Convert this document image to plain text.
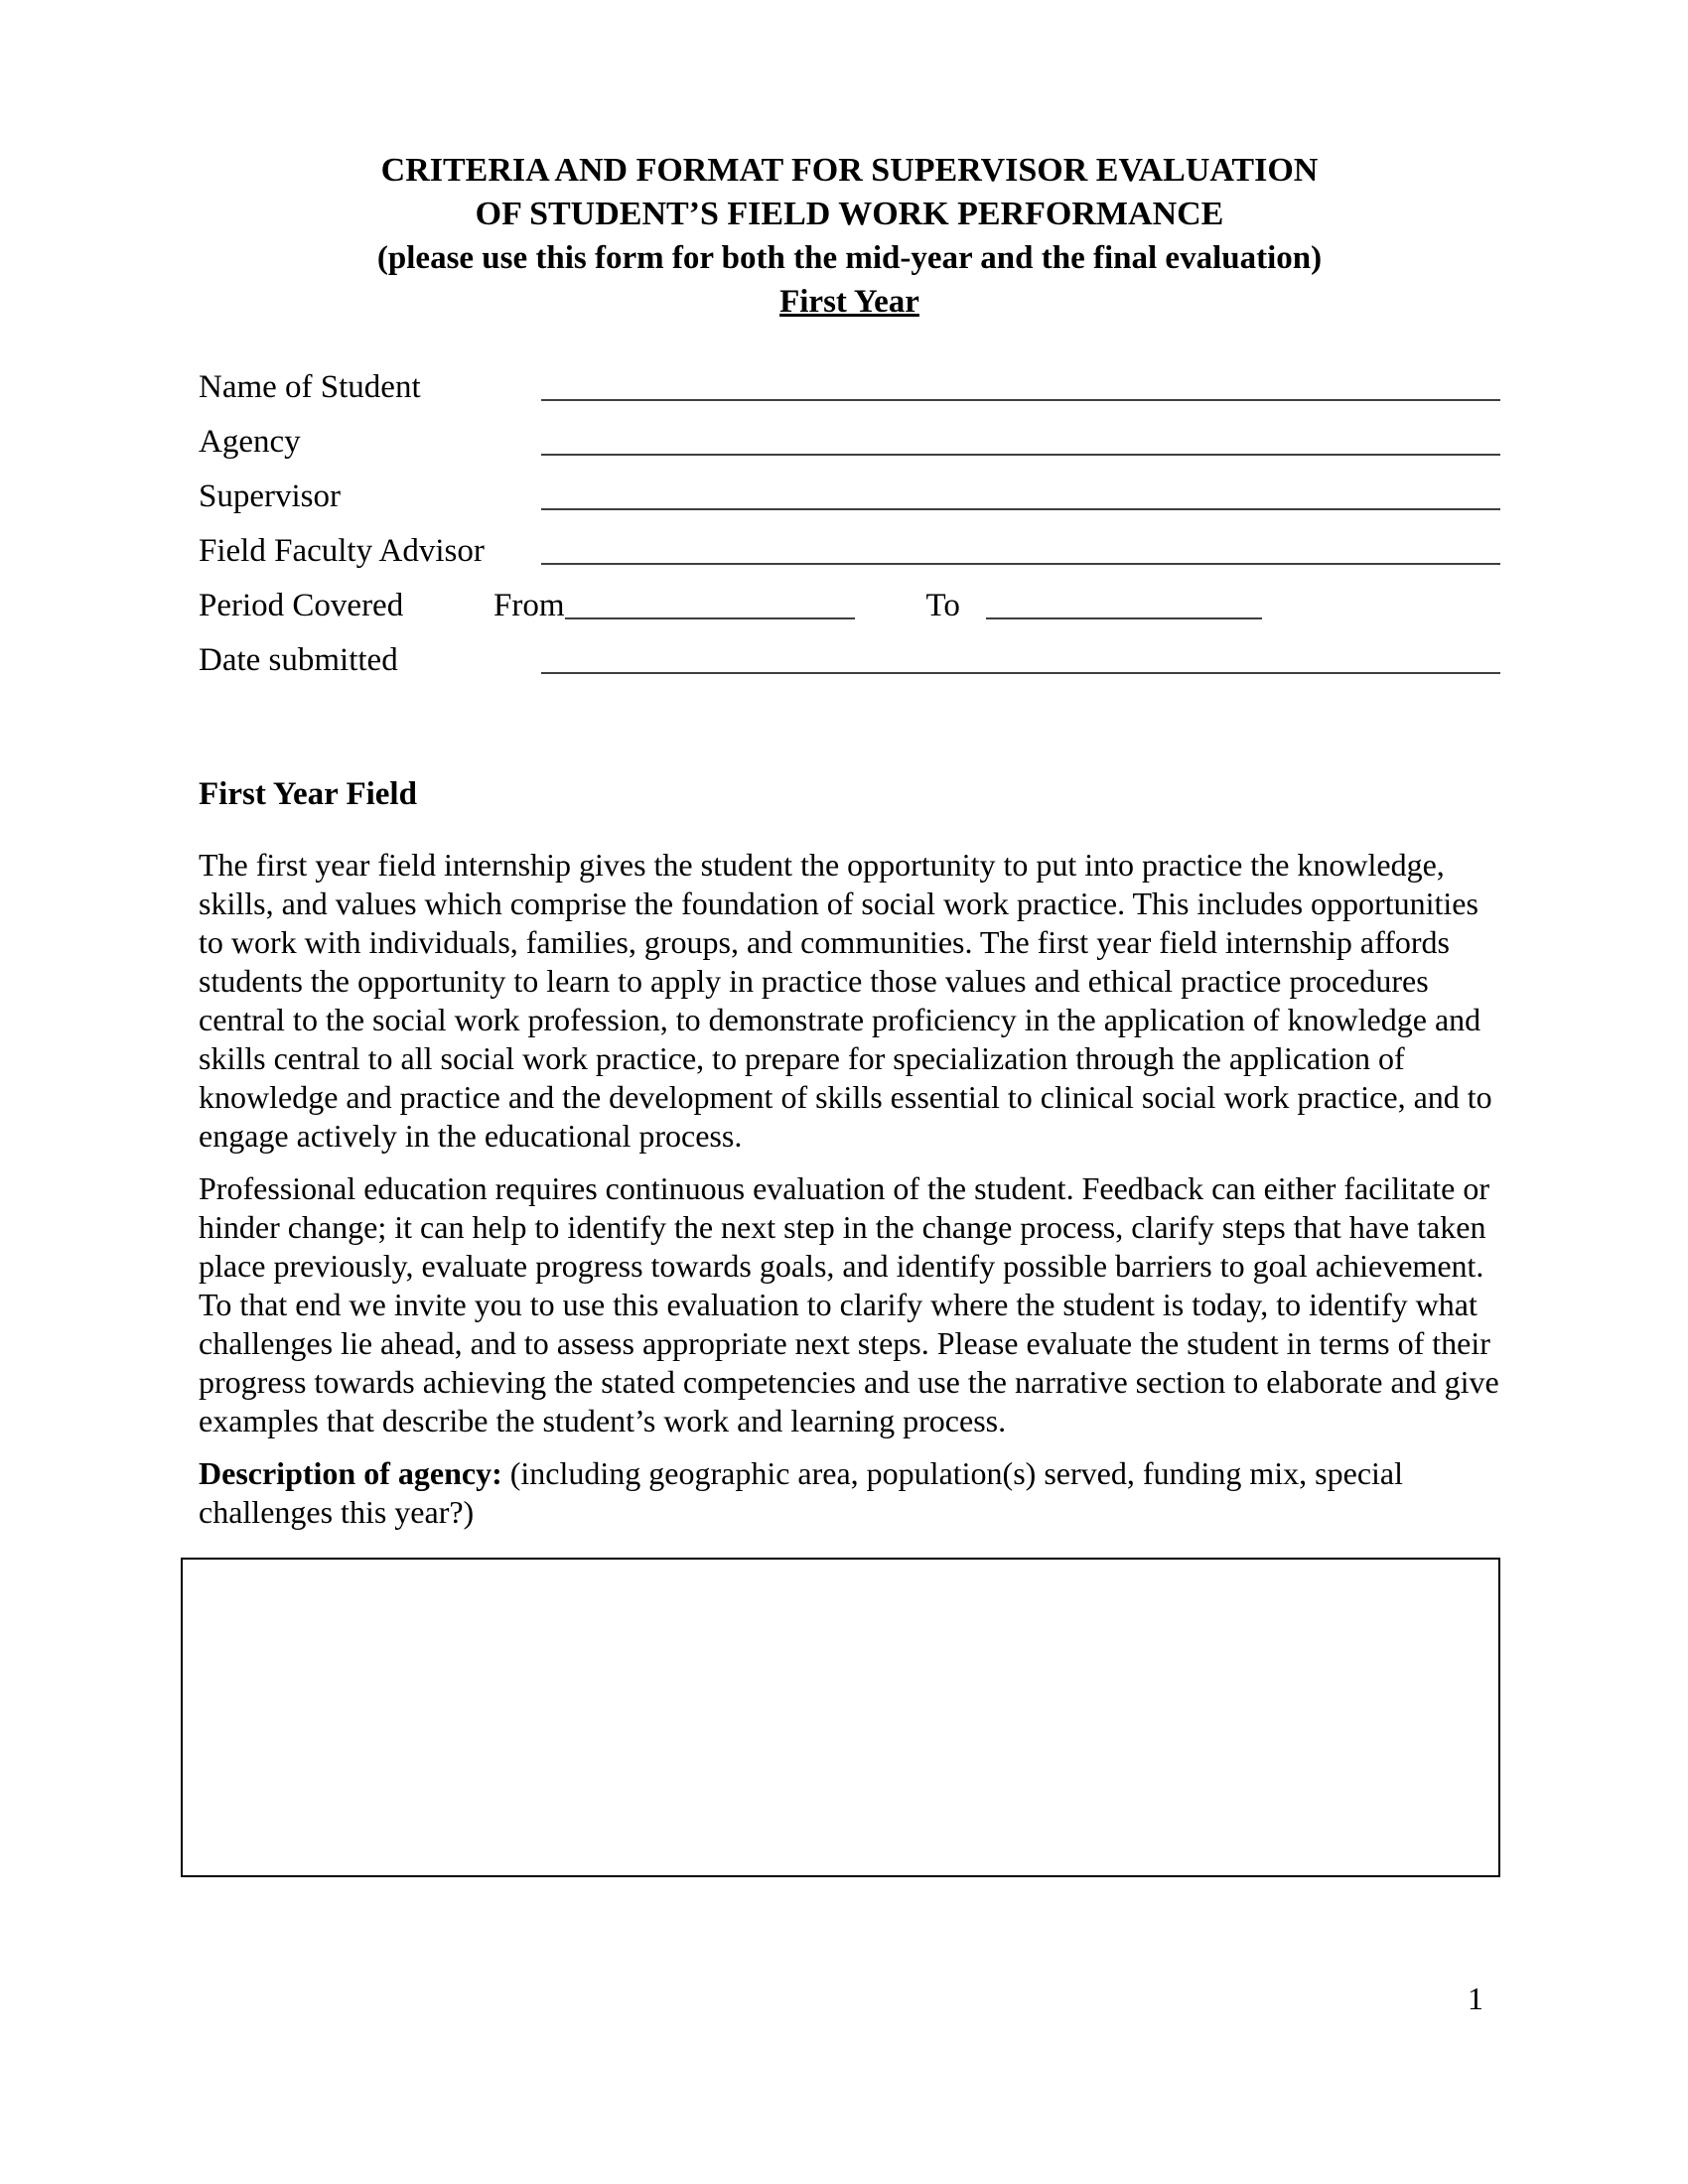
CRITERIA AND FORMAT FOR SUPERVISOR EVALUATION
OF STUDENT’S FIELD WORK PERFORMANCE
(please use this form for both the mid-year and the final evaluation)
First Year
Name of Student
Agency
Supervisor
Field Faculty Advisor
Period Covered	From	To
Date submitted
First Year Field
The first year field internship gives the student the opportunity to put into practice the knowledge, skills, and values which comprise the foundation of social work practice. This includes opportunities to work with individuals, families, groups, and communities. The first year field internship affords students the opportunity to learn to apply in practice those values and ethical practice procedures central to the social work profession, to demonstrate proficiency in the application of knowledge and skills central to all social work practice, to prepare for specialization through the application of knowledge and practice and the development of skills essential to clinical social work practice, and to engage actively in the educational process.
Professional education requires continuous evaluation of the student. Feedback can either facilitate or hinder change; it can help to identify the next step in the change process, clarify steps that have taken place previously, evaluate progress towards goals, and identify possible barriers to goal achievement. To that end we invite you to use this evaluation to clarify where the student is today, to identify what challenges lie ahead, and to assess appropriate next steps. Please evaluate the student in terms of their progress towards achieving the stated competencies and use the narrative section to elaborate and give examples that describe the student’s work and learning process.
Description of agency: (including geographic area, population(s) served, funding mix, special challenges this year?)
1
